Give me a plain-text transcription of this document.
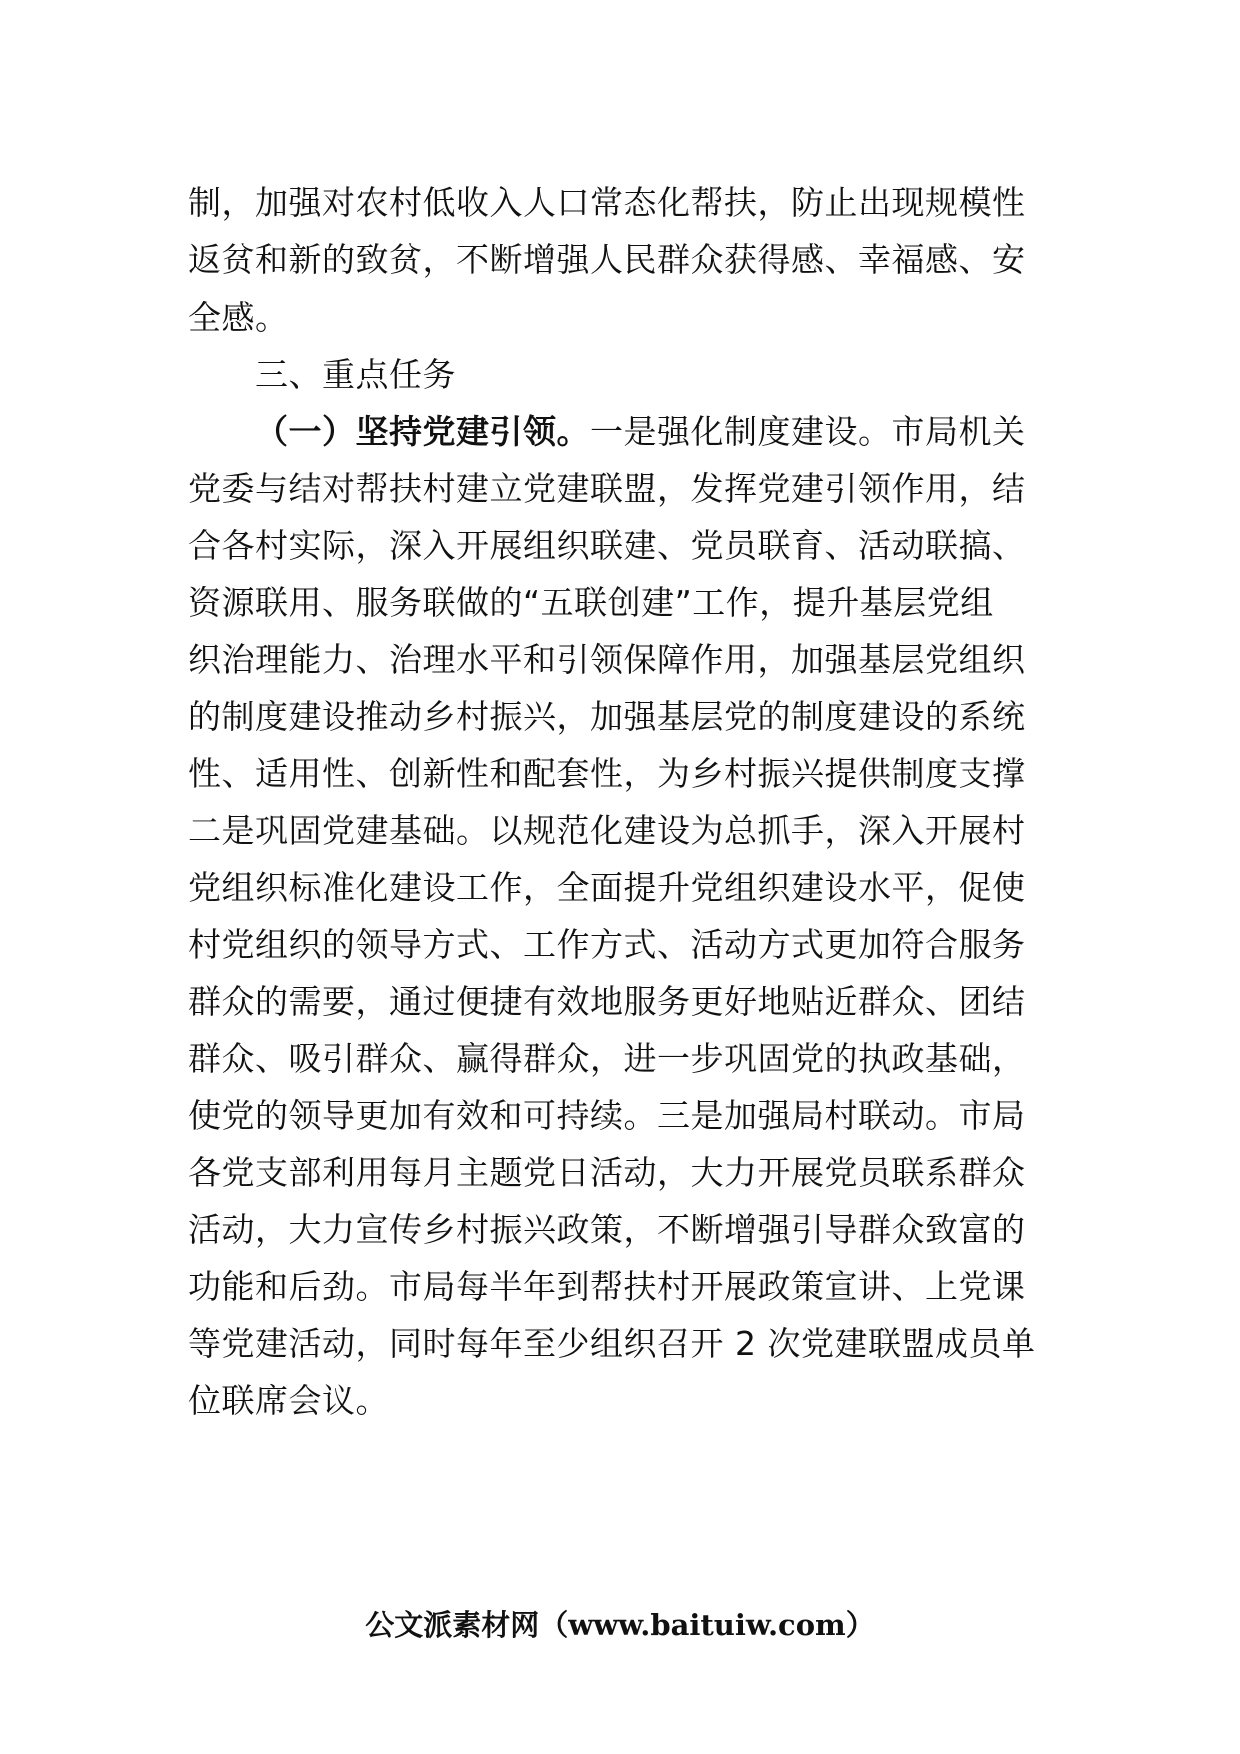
制，加强对农村低收入人口常态化帮扶，防止出现规模性
返贫和新的致贫，不断增强人民群众获得感、幸福感、安
全感。
三、重点任务
（一）坚持党建引领。一是强化制度建设。市局机关
党委与结对帮扶村建立党建联盟，发挥党建引领作用，结
合各村实际，深入开展组织联建、党员联育、活动联搞、
资源联用、服务联做的“五联创建”工作，提升基层党组
织治理能力、治理水平和引领保障作用，加强基层党组织
的制度建设推动乡村振兴，加强基层党的制度建设的系统
性、适用性、创新性和配套性，为乡村振兴提供制度支撑
二是巩固党建基础。以规范化建设为总抓手，深入开展村
党组织标准化建设工作，全面提升党组织建设水平，促使
村党组织的领导方式、工作方式、活动方式更加符合服务
群众的需要，通过便捷有效地服务更好地贴近群众、团结
群众、吸引群众、赢得群众，进一步巩固党的执政基础，
使党的领导更加有效和可持续。三是加强局村联动。市局
各党支部利用每月主题党日活动，大力开展党员联系群众
活动，大力宣传乡村振兴政策，不断增强引导群众致富的
功能和后劲。市局每半年到帮扶村开展政策宣讲、上党课
等党建活动，同时每年至少组织召开 2 次党建联盟成员单
位联席会议。
公文派素材网（www.baituiw.com）
